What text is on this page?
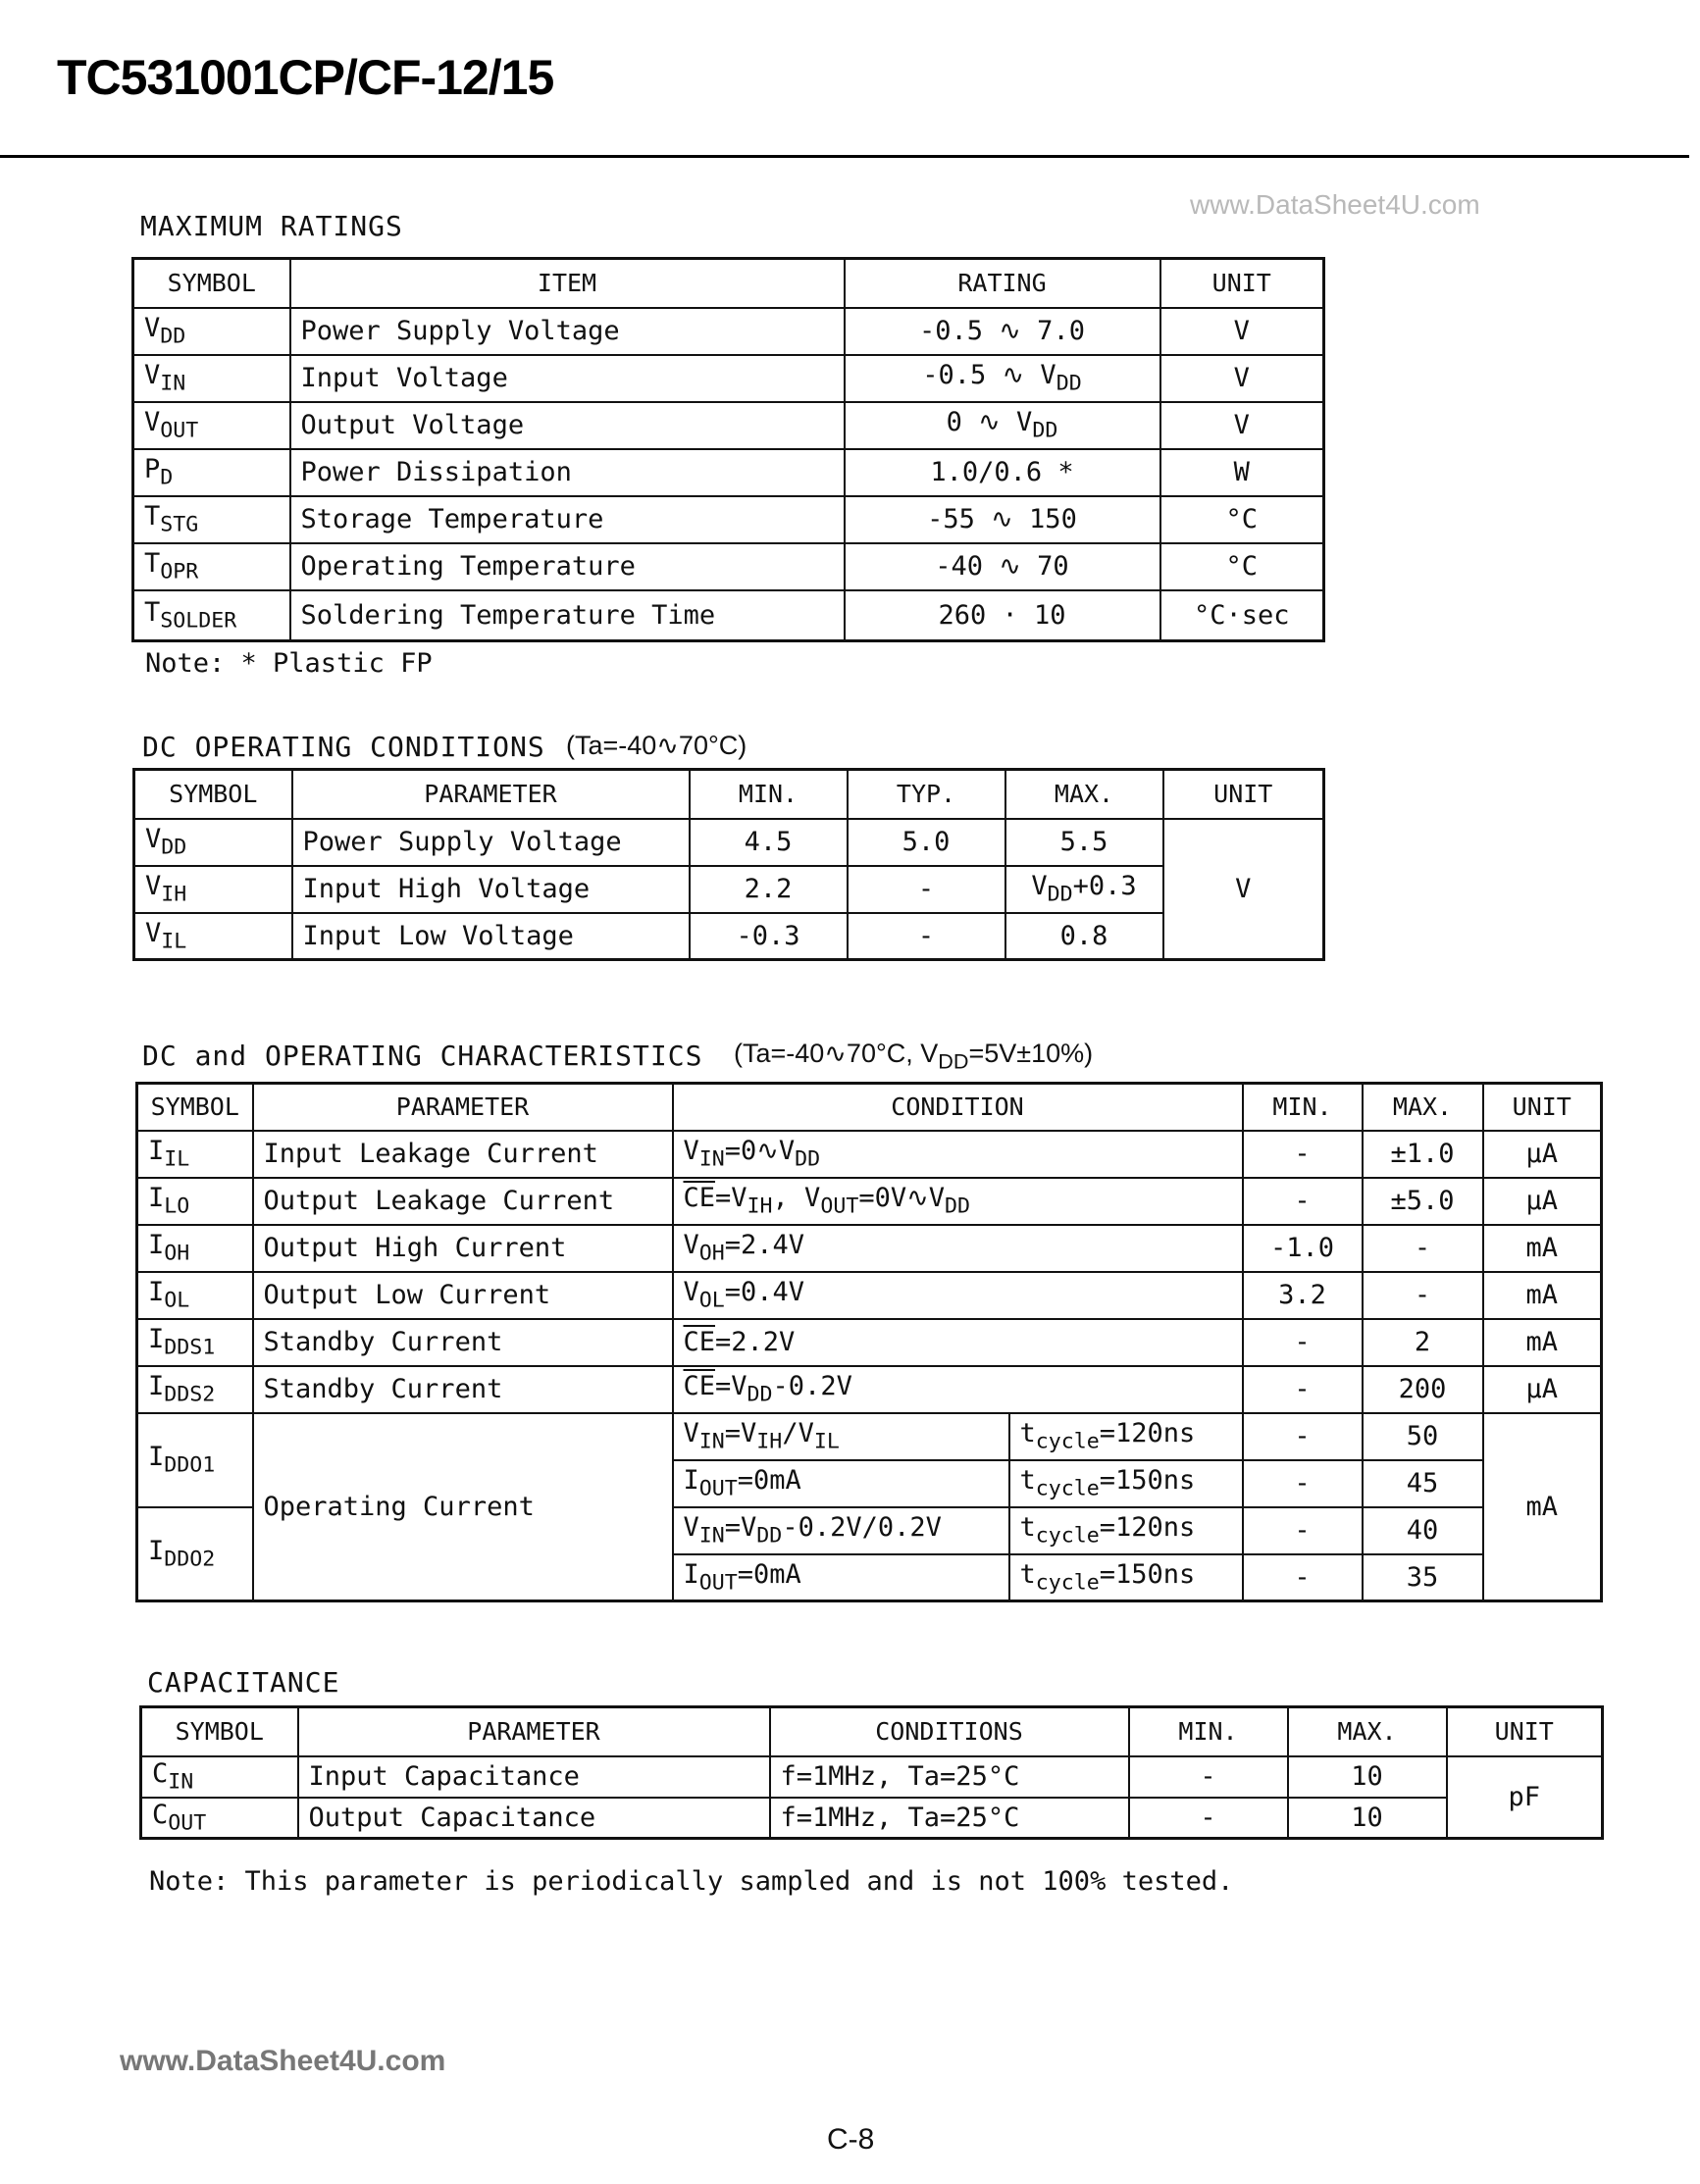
TC531001CP/CF-12/15
www.DataSheet4U.com
MAXIMUM RATINGS
SYMBOL	ITEM	RATING	UNIT
$V_{DD}$	Power Supply Voltage	-0.5 ∿ 7.0	V
$V_{IN}$	Input Voltage	-0.5 ∿ $V_{DD}$	V
$V_{OUT}$	Output Voltage	0 ∿ $V_{DD}$	V
$P_D$	Power Dissipation	1.0/0.6 *	W
$T_{STG}$	Storage Temperature	-55 ∿ 150	°C
$T_{OPR}$	Operating Temperature	-40 ∿ 70	°C
$T_{SOLDER}$	Soldering Temperature Time	260 · 10	°C·sec
Note: * Plastic FP
DC OPERATING CONDITIONS (Ta=-40∿70°C)
SYMBOL	PARAMETER	MIN.	TYP.	MAX.	UNIT
$V_{DD}$	Power Supply Voltage	4.5	5.0	5.5	V
$V_{IH}$	Input High Voltage	2.2	-	$V_{DD}+0.3$	
$V_{IL}$	Input Low Voltage	-0.3	-	0.8	
DC and OPERATING CHARACTERISTICS (Ta=-40∿70°C, $V_{DD}=5V\pm 10\%$)
SYMBOL	PARAMETER	CONDITION		MIN.	MAX.	UNIT
$I_{IL}$	Input Leakage Current	$V_{IN}=0∿V_{DD}$		-	±1.0	μA
$I_{LO}$	Output Leakage Current	$\overline{CE}=V_{IH}$, $V_{OUT}=0V∿V_{DD}$		-	±5.0	μA
$I_{OH}$	Output High Current	$V_{OH}=2.4V$		-1.0	-	mA
$I_{OL}$	Output Low Current	$V_{OL}=0.4V$		3.2	-	mA
$I_{DDS1}$	Standby Current	$\overline{CE}=2.2V$		-	2	mA
$I_{DDS2}$	Standby Current	$\overline{CE}=V_{DD}-0.2V$		-	200	μA
$I_{DDO1}$	Operating Current	$V_{IN}=V_{IH}/V_{IL}$	$t_{cycle}=120ns$	-	50	mA
		$I_{OUT}=0mA$	$t_{cycle}=150ns$	-	45	
$I_{DDO2}$		$V_{IN}=V_{DD}-0.2V/0.2V$	$t_{cycle}=120ns$	-	40	
		$I_{OUT}=0mA$	$t_{cycle}=150ns$	-	35	
CAPACITANCE
SYMBOL	PARAMETER	CONDITIONS	MIN.	MAX.	UNIT
$C_{IN}$	Input Capacitance	f=1MHz, Ta=25°C	-	10	pF
$C_{OUT}$	Output Capacitance	f=1MHz, Ta=25°C	-	10	
Note: This parameter is periodically sampled and is not 100% tested.
www.DataSheet4U.com
C-8
